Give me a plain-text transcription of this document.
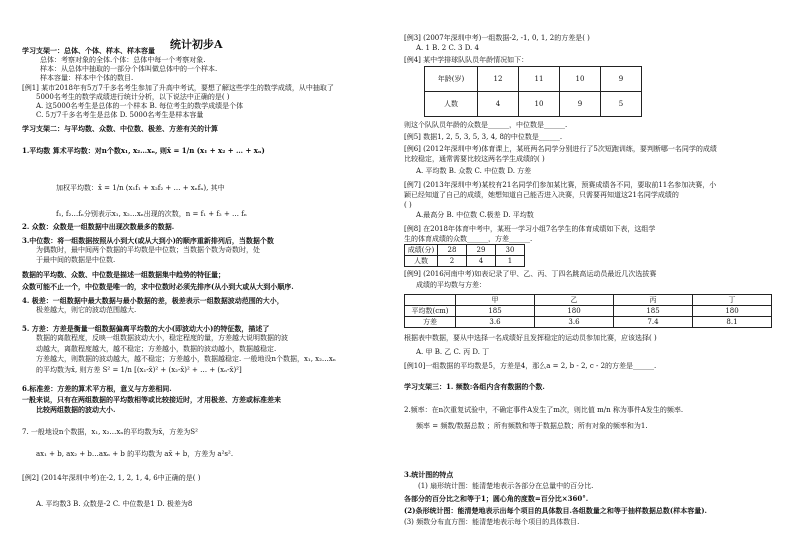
统计初步A
学习支架一：总体、个体、样本、样本容量
总体：考察对象的全体.个体：总体中每一个考察对象.
样本：从总体中抽取的一部分个体叫做总体中的一个样本.
样本容量：样本中个体的数目.
[例1] 某市2018年有5万7千多名考生参加了升高中考试，要想了解这些学生的数学成绩，从中抽取了
5000名考生的数学成绩进行统计分析，以下说法中正确的是( )
A. 这5000名考生是总体的一个样本 B. 每位考生的数学成绩是个体
C. 5万7千多名考生是总体 D. 5000名考生是样本容量
学习支架二：与平均数、众数、中位数、极差、方差有关的计算
1.平均数 算术平均数：对n个数x₁, x₂…xₙ, 则x̄ = 1/n (x₁ + x₂ + … + xₙ)
加权平均数：x̄ = 1/n (x₁f₁ + x₂f₂ + … + xₙfₙ), 其中
f₁, f₂…fₙ分别表示x₁, x₂…xₙ出现的次数，n = f₁ + f₂ + … fₙ
2. 众数：众数是一组数据中出现次数最多的数据.
3.中位数：将一组数据按照从小到大(或从大到小)的顺序重新排列后，当数据个数
为偶数时，最中间两个数据的平均数是中位数；当数据个数为奇数时，处
于最中间的数据是中位数.
数据的平均数、众数、中位数是描述一组数据集中趋势的特征量；
众数可能不止一个，中位数是唯一的，求中位数时必须先排序(从小到大或从大到小顺序.
4. 极差：一组数据中最大数据与最小数据的差，极差表示一组数据波动范围的大小，
极差越大，则它的波动范围越大.
5. 方差：方差是衡量一组数据偏离平均数的大小(即波动大小)的特征数，描述了
数据的离散程度，反映一组数据波动大小，稳定程度的量，方差越大说明数据的波
动越大，离散程度越大，越不稳定；方差越小，数据的波动越小，数据越稳定.
方差越大，则数据的波动越大，越不稳定；方差越小，数据越稳定. 一般地设n个数据，x₁, x₂…xₙ
的平均数为x̄, 则方差 S² = 1/n [(x₁-x̄)² + (x₂-x̄)² + … + (xₙ-x̄)²]
6.标准差：方差的算术平方根，意义与方差相同.
一般来说，只有在两组数据的平均数相等或比较接近时，才用极差、方差或标准差来
比较两组数据的波动大小.
7. 一般地设n个数据，x₁, x₂…xₙ的平均数为x̄，方差为S²
ax₁ + b, ax₂ + b…axₙ + b 的平均数为 ax̄ + b，方差为 a²s².
[例2] (2014年深圳中考)在-2, 1, 2, 1, 4, 6中正确的是( )
A. 平均数3 B. 众数是-2 C. 中位数是1 D. 极差为8
[例3] (2007年深圳中考)一组数据-2, -1, 0, 1, 2的方差是( )
A. 1 B. 2 C. 3 D. 4
[例4] 某中学排球队队员年龄情况如下：
年龄(岁)	12	11	10	9
人数	4	10	9	5
则这个队队员年龄的众数是______，中位数是______.
[例5] 数据1, 2, 5, 3, 5, 3, 4, 8的中位数是______.
[例6] (2012年深圳中考)体育课上，某班两名同学分别进行了5次短跑训练，要判断哪一名同学的成绩
比较稳定，通常需要比较这两名学生成绩的( )
A. 平均数 B. 众数 C. 中位数 D. 方差
[例7] (2013年深圳中考)某校有21名同学们参加某比赛，预赛成绩各不同，要取前11名参加决赛，小
颖已经知道了自己的成绩，她想知道自己能否进入决赛，只需要再知道这21名同学成绩的
( )
A.最高分 B. 中位数 C.极差 D. 平均数
[例8] 在2018年体育中考中，某班一学习小组7名学生的体育成绩如下表，这组学
生的体育成绩的众数______，方差______.
成绩(分)	28	29	30
人数	2	4	1
[例9] (2016河南中考)如表记录了甲、乙、丙、丁四名跳高运动员最近几次选拔赛
成绩的平均数与方差：
	甲	乙	丙	丁
平均数(cm)	185	180	185	180
方差	3.6	3.6	7.4	8.1
根据表中数据，要从中选择一名成绩好且发挥稳定的运动员参加比赛，应该选择( )
A. 甲 B. 乙 C. 丙 D. 丁
[例10]一组数据的平均数是5，方差是4，那么a = 2, b - 2, c - 2的方差是______.
学习支架三：1. 频数:各组内含有数据的个数.
2.频率：在n次重复试验中，不确定事件A发生了m次，则比值 m/n 称为事件A发生的频率.
频率 = 频数/数据总数 ；所有频数和等于数据总数；所有对象的频率和为1.
3.统计图的特点
(1) 扇形统计图：能清楚地表示各部分在总量中的百分比.
各部分的百分比之和等于1；圆心角的度数=百分比×360°.
(2)条形统计图：能清楚地表示出每个项目的具体数目.各组数量之和等于抽样数据总数(样本容量).
(3) 频数分布直方图：能清楚地表示每个项目的具体数目.
